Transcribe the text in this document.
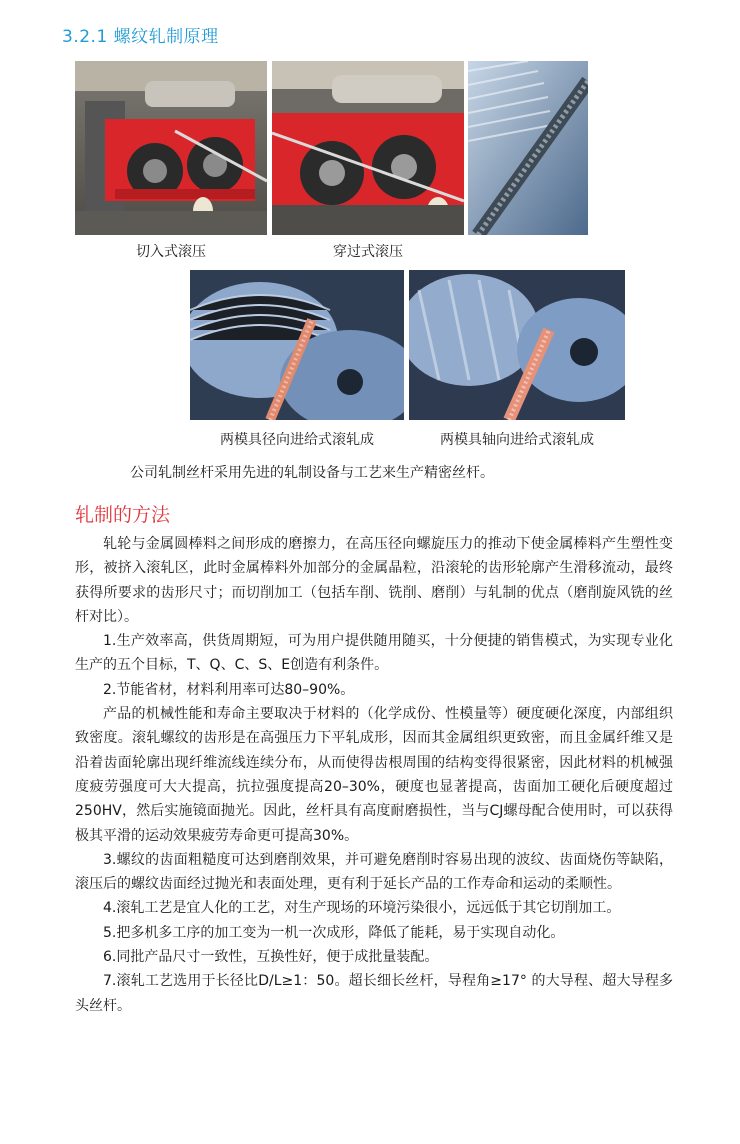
3.2.1 螺纹轧制原理
切入式滚压	穿过式滚压
两模具径向进给式滚轧成	两模具轴向进给式滚轧成
公司轧制丝杆采用先进的轧制设备与工艺来生产精密丝杆。
轧制的方法

轧轮与金属圆棒料之间形成的磨擦力，在高压径向螺旋压力的推动下使金属棒料产生塑性变形，被挤入滚轧区，此时金属棒料外加部分的金属晶粒，沿滚轮的齿形轮廓产生滑移流动，最终获得所要求的齿形尺寸；而切削加工（包括车削、铣削、磨削）与轧制的优点（磨削旋风铣的丝杆对比）。

1.生产效率高，供货周期短，可为用户提供随用随买，十分便捷的销售模式，为实现专业化生产的五个目标，T、Q、C、S、E创造有利条件。

2.节能省材，材料利用率可达80–90%。

产品的机械性能和寿命主要取决于材料的（化学成份、性模量等）硬度硬化深度，内部组织致密度。滚轧螺纹的齿形是在高强压力下平轧成形，因而其金属组织更致密，而且金属纤维又是沿着齿面轮廓出现纤维流线连续分布，从而使得齿根周围的结构变得很紧密，因此材料的机械强度疲劳强度可大大提高，抗拉强度提高20–30%，硬度也显著提高，齿面加工硬化后硬度超过250HV，然后实施镜面抛光。因此，丝杆具有高度耐磨损性，当与CJ螺母配合使用时，可以获得极其平滑的运动效果疲劳寿命更可提高30%。

3.螺纹的齿面粗糙度可达到磨削效果，并可避免磨削时容易出现的波纹、齿面烧伤等缺陷，滚压后的螺纹齿面经过抛光和表面处理，更有利于延长产品的工作寿命和运动的柔顺性。

4.滚轧工艺是宜人化的工艺，对生产现场的环境污染很小，远远低于其它切削加工。

5.把多机多工序的加工变为一机一次成形，降低了能耗，易于实现自动化。

6.同批产品尺寸一致性，互换性好，便于成批量装配。

7.滚轧工艺选用于长径比D/L≥1：50。超长细长丝杆，导程角≥17° 的大导程、超大导程多头丝杆。
